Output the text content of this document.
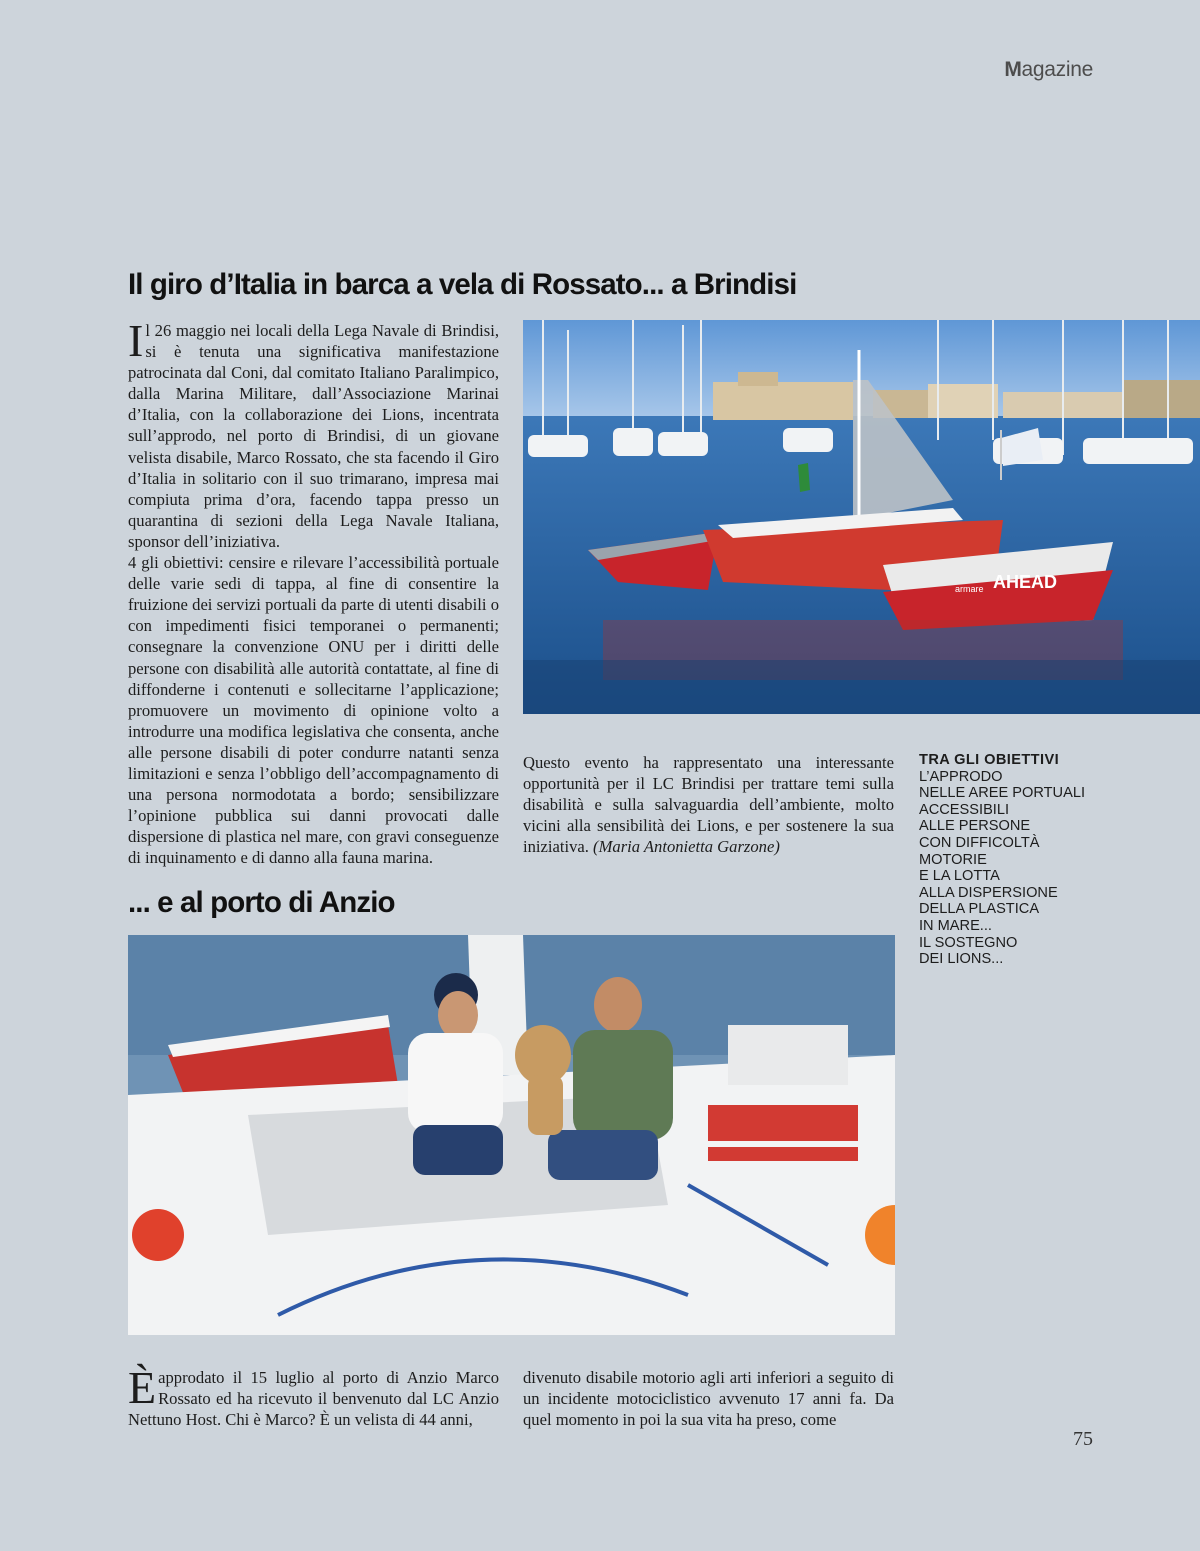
Magazine
Il giro d’Italia in barca a vela di Rossato... a Brindisi

Il 26 maggio nei locali della Lega Navale di Brindisi, si è tenuta una significativa manifestazione patrocinata dal Coni, dal comitato Italiano Paralimpico, dalla Marina Militare, dall’Associazione Marinai d’Italia, con la collaborazione dei Lions, incentrata sull’approdo, nel porto di Brindisi, di un giovane velista disabile, Marco Rossato, che sta facendo il Giro d’Italia in solitario con il suo trimarano, impresa mai compiuta prima d’ora, facendo tappa presso un quarantina di sezioni della Lega Navale Italiana, sponsor dell’iniziativa.

4 gli obiettivi: censire e rilevare l’accessibilità portuale delle varie sedi di tappa, al fine di consentire la fruizione dei servizi portuali da parte di utenti disabili o con impedimenti fisici temporanei o permanenti; consegnare la convenzione ONU per i diritti delle persone con disabilità alle autorità contattate, al fine di diffonderne i contenuti e sollecitarne l’applicazione; promuovere un movimento di opinione volto a introdurre una modifica legislativa che consenta, anche alle persone disabili di poter condurre natanti senza limitazioni e senza l’obbligo dell’accompagnamento di una persona normodotata a bordo; sensibilizzare l’opinione pubblica sui danni provocati dalle dispersione di plastica nel mare, con gravi conseguenze di inquinamento e di danno alla fauna marina.

AHEAD
armare

Questo evento ha rappresentato una interessante opportunità per il LC Brindisi per trattare temi sulla disabilità e sulla salvaguardia dell’ambiente, molto vicini alla sensibilità dei Lions, e per sostenere la sua iniziativa. (Maria Antonietta Garzone)

TRA GLI OBIETTIVI
L’APPRODO
NELLE AREE PORTUALI
ACCESSIBILI
ALLE PERSONE
CON DIFFICOLTÀ
MOTORIE
E LA LOTTA
ALLA DISPERSIONE
DELLA PLASTICA
IN MARE...
IL SOSTEGNO
DEI LIONS...
... e al porto di Anzio

Èapprodato il 15 luglio al porto di Anzio Marco Rossato ed ha ricevuto il benvenuto dal LC Anzio Nettuno Host. Chi è Marco? È un velista di 44 anni,

divenuto disabile motorio agli arti inferiori a seguito di un incidente motociclistico avvenuto 17 anni fa. Da quel momento in poi la sua vita ha preso, come

75
